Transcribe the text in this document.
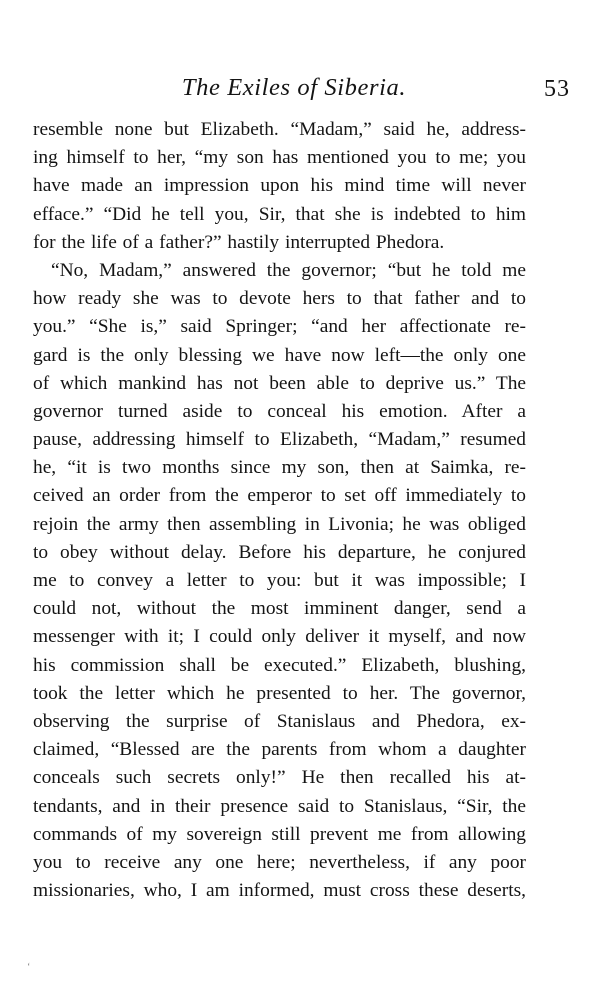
The Exiles of Siberia.	53
resemble none but Elizabeth. “Madam,” said he, address-
ing himself to her, “my son has mentioned you to me; you
have made an impression upon his mind time will never
efface.” “Did he tell you, Sir, that she is indebted to him
for the life of a father?” hastily interrupted Phedora.
“No, Madam,” answered the governor; “but he told me
how ready she was to devote hers to that father and to
you.” “She is,” said Springer; “and her affectionate re-
gard is the only blessing we have now left—the only one
of which mankind has not been able to deprive us.” The
governor turned aside to conceal his emotion. After a
pause, addressing himself to Elizabeth, “Madam,” resumed
he, “it is two months since my son, then at Saimka, re-
ceived an order from the emperor to set off immediately to
rejoin the army then assembling in Livonia; he was obliged
to obey without delay. Before his departure, he conjured
me to convey a letter to you: but it was impossible; I
could not, without the most imminent danger, send a
messenger with it; I could only deliver it myself, and now
his commission shall be executed.” Elizabeth, blushing,
took the letter which he presented to her. The governor,
observing the surprise of Stanislaus and Phedora, ex-
claimed, “Blessed are the parents from whom a daughter
conceals such secrets only!” He then recalled his at-
tendants, and in their presence said to Stanislaus, “Sir, the
commands of my sovereign still prevent me from allowing
you to receive any one here; nevertheless, if any poor
missionaries, who, I am informed, must cross these deserts,
‘
